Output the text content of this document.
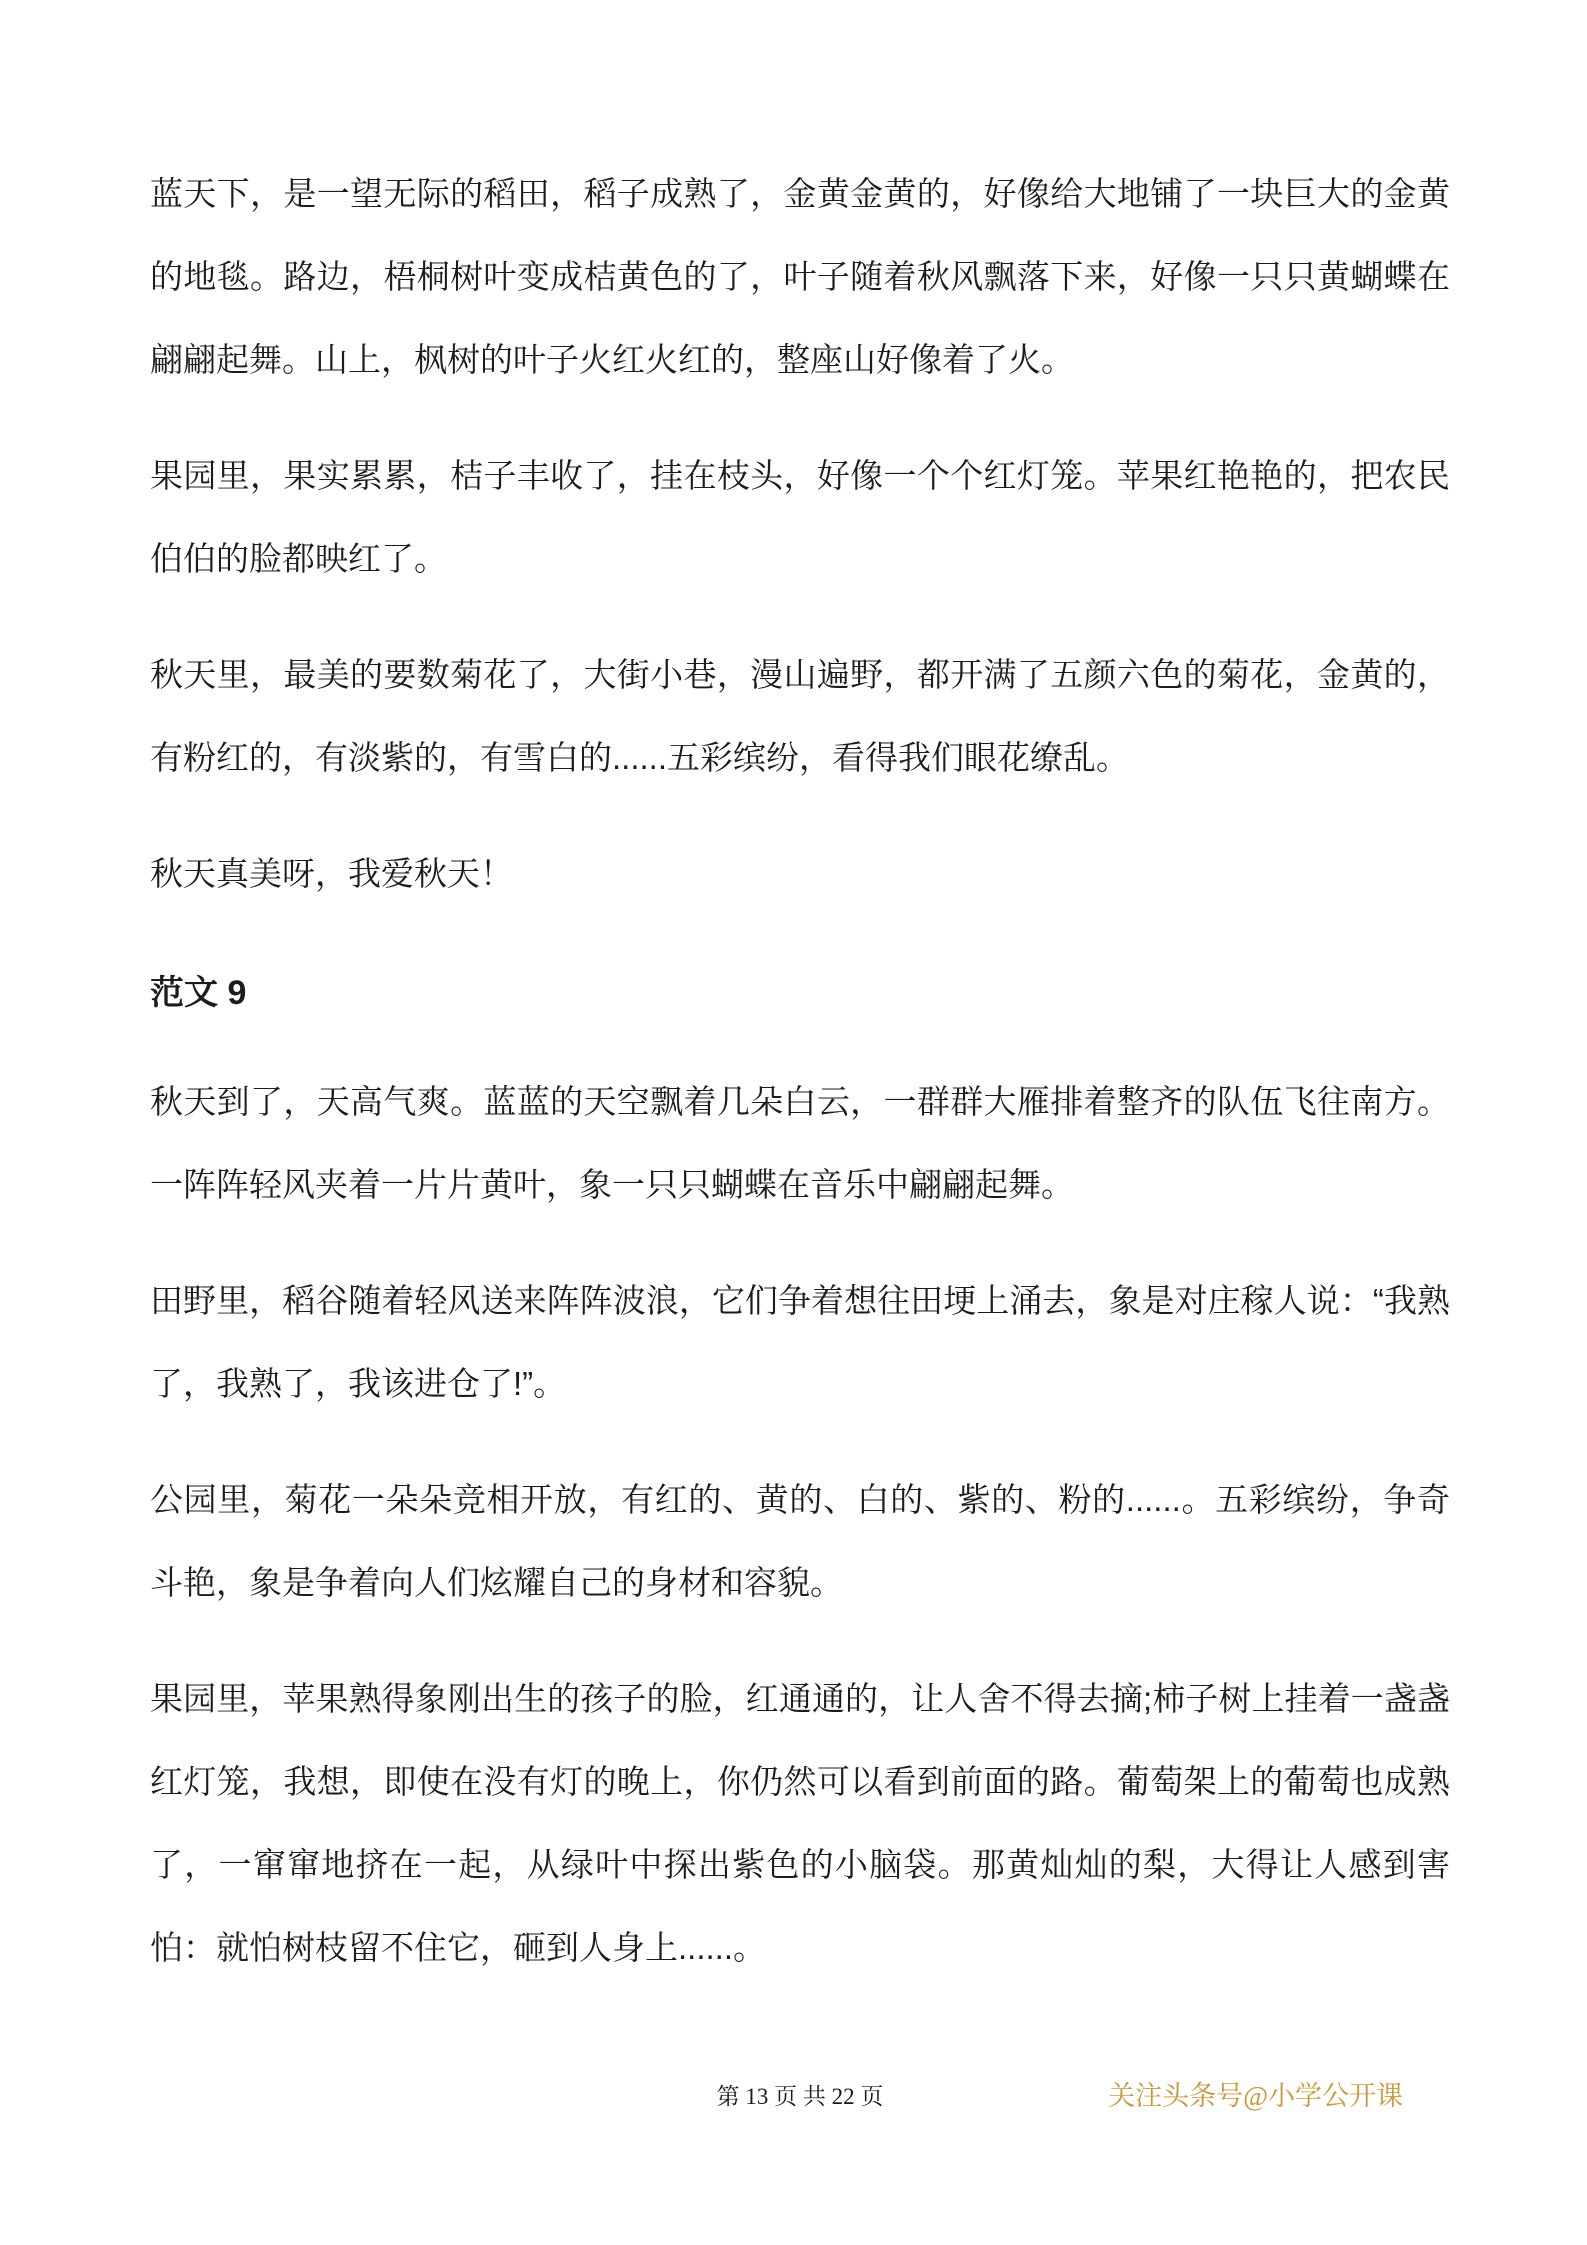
蓝天下，是一望无际的稻田，稻子成熟了，金黄金黄的，好像给大地铺了一块巨大的金黄的地毯。路边，梧桐树叶变成桔黄色的了，叶子随着秋风飘落下来，好像一只只黄蝴蝶在翩翩起舞。山上，枫树的叶子火红火红的，整座山好像着了火。

果园里，果实累累，桔子丰收了，挂在枝头，好像一个个红灯笼。苹果红艳艳的，把农民伯伯的脸都映红了。

秋天里，最美的要数菊花了，大街小巷，漫山遍野，都开满了五颜六色的菊花，金黄的，有粉红的，有淡紫的，有雪白的......五彩缤纷，看得我们眼花缭乱。

秋天真美呀，我爱秋天！

范文 9

秋天到了，天高气爽。蓝蓝的天空飘着几朵白云，一群群大雁排着整齐的队伍飞往南方。一阵阵轻风夹着一片片黄叶，象一只只蝴蝶在音乐中翩翩起舞。

田野里，稻谷随着轻风送来阵阵波浪，它们争着想往田埂上涌去，象是对庄稼人说：“我熟了，我熟了，我该进仓了!”。

公园里，菊花一朵朵竞相开放，有红的、黄的、白的、紫的、粉的......。五彩缤纷，争奇斗艳，象是争着向人们炫耀自己的身材和容貌。

果园里，苹果熟得象刚出生的孩子的脸，红通通的，让人舍不得去摘;柿子树上挂着一盏盏红灯笼，我想，即使在没有灯的晚上，你仍然可以看到前面的路。葡萄架上的葡萄也成熟了，一窜窜地挤在一起，从绿叶中探出紫色的小脑袋。那黄灿灿的梨，大得让人感到害怕：就怕树枝留不住它，砸到人身上......。

第 13 页 共 22 页	关注头条号@小学公开课
